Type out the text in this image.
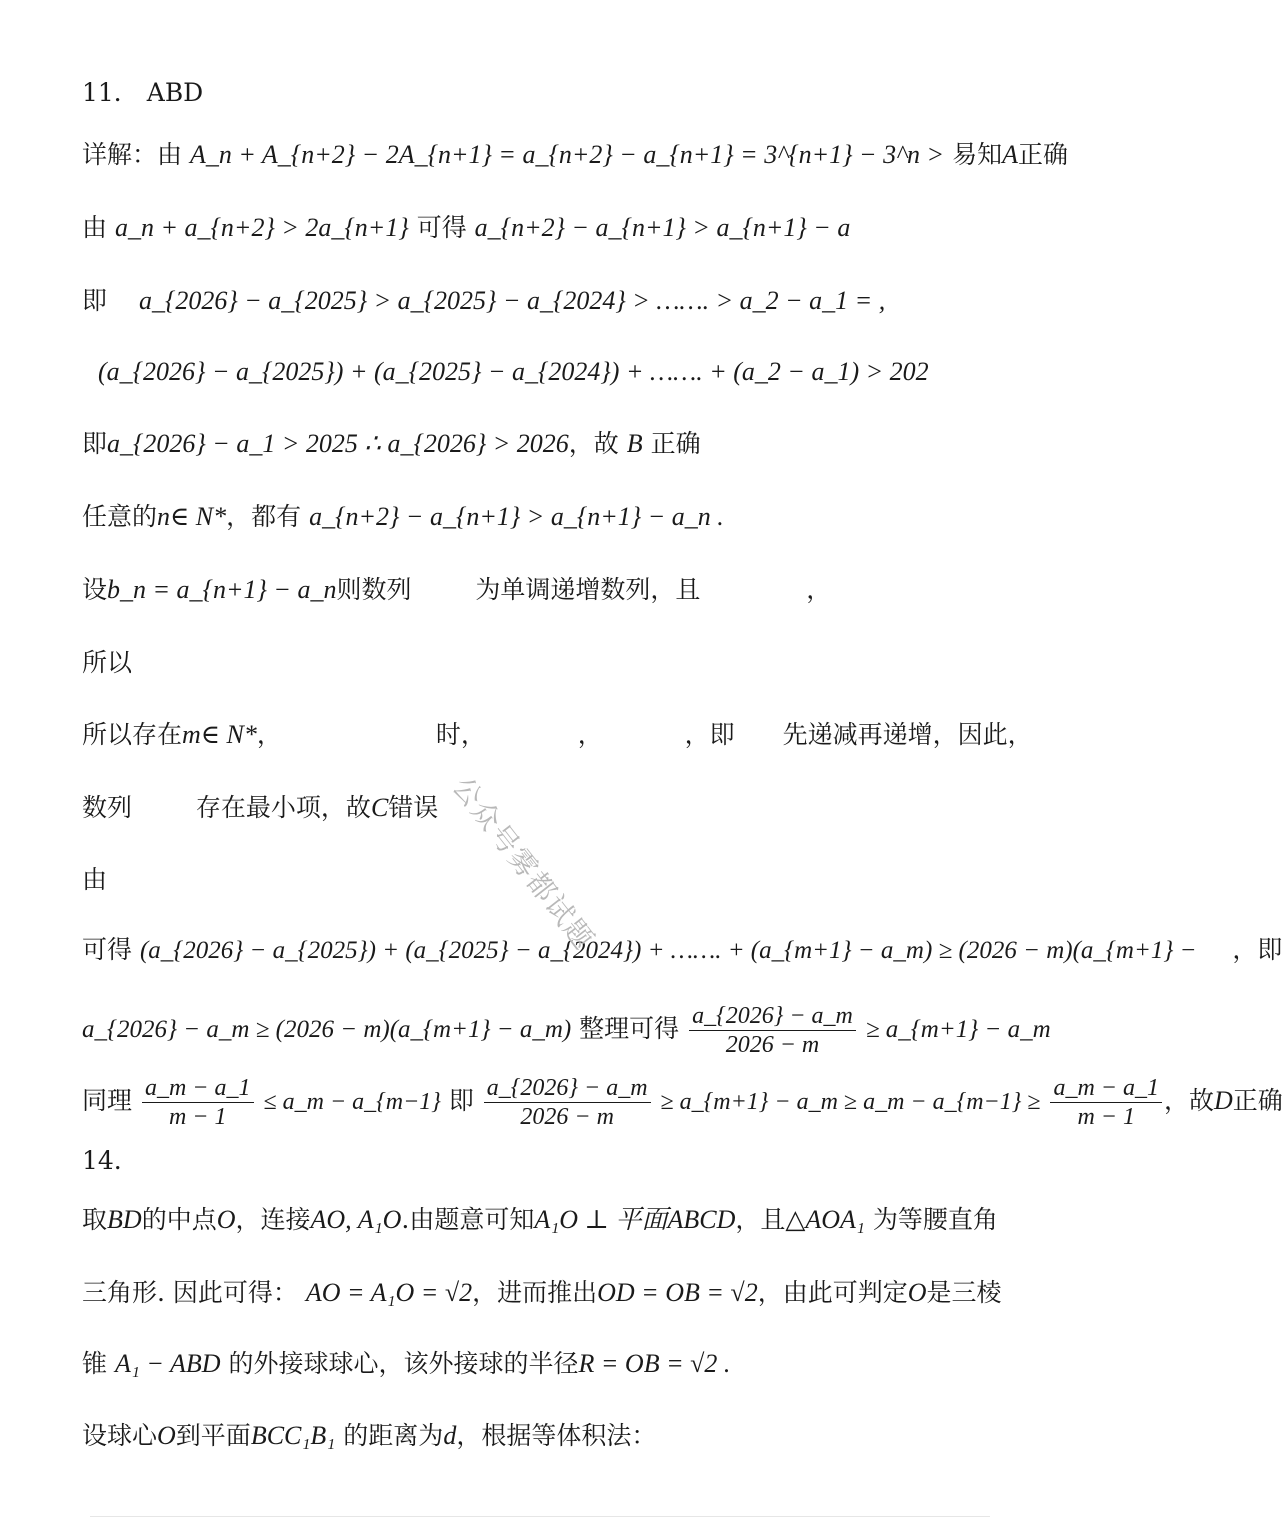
11． ABD
详解：由 A_n + A_{n+2} − 2A_{n+1} = a_{n+2} − a_{n+1} = 3^{n+1} − 3^n > 易知A正确
由 a_n + a_{n+2} > 2a_{n+1} 可得 a_{n+2} − a_{n+1} > a_{n+1} − a
即 a_{2026} − a_{2025} > a_{2025} − a_{2024} > ……. > a_2 − a_1 = ,
(a_{2026} − a_{2025}) + (a_{2025} − a_{2024}) + ……. + (a_2 − a_1) > 202
即a_{2026} − a_1 > 2025 ∴ a_{2026} > 2026，故 B 正确
任意的n∈ N*，都有 a_{n+2} − a_{n+1} > a_{n+1} − a_n .
设b_n = a_{n+1} − a_n则数列	为单调递增数列，且	，
所以
所以存在m∈ N*，	时，	，	，即 先递减再递增，因此，
数列	存在最小项，故C错误
由
可得 (a_{2026} − a_{2025}) + (a_{2025} − a_{2024}) + ……. + (a_{m+1} − a_m) ≥ (2026 − m)(a_{m+1} − ，即
a_{2026} − a_m ≥ (2026 − m)(a_{m+1} − a_m) 整理可得 $\frac{a\_\{2026\} - a\_m}{2026 - m}$ ≥ a_{m+1} − a_m
同理 $\frac{a\_m - a\_1}{m - 1}$ ≤ a_m − a_{m−1} 即 $\frac{a\_\{2026\} - a\_m}{2026 - m}$ ≥ a_{m+1} − a_m ≥ a_m − a_{m−1} ≥ $\frac{a\_m - a\_1}{m - 1}$ ，故D正确
14.
取BD的中点O，连接AO, A₁O.由题意可知A₁O ⊥ 平面ABCD，且△AOA₁ 为等腰直角
三角形. 因此可得： AO = A₁O = √2，进而推出OD = OB = √2，由此可判定O是三棱
锥 A₁ − ABD 的外接球球心，该外接球的半径R = OB = √2 .
设球心O到平面BCC₁B₁ 的距离为d，根据等体积法：
公众号雾都试题
